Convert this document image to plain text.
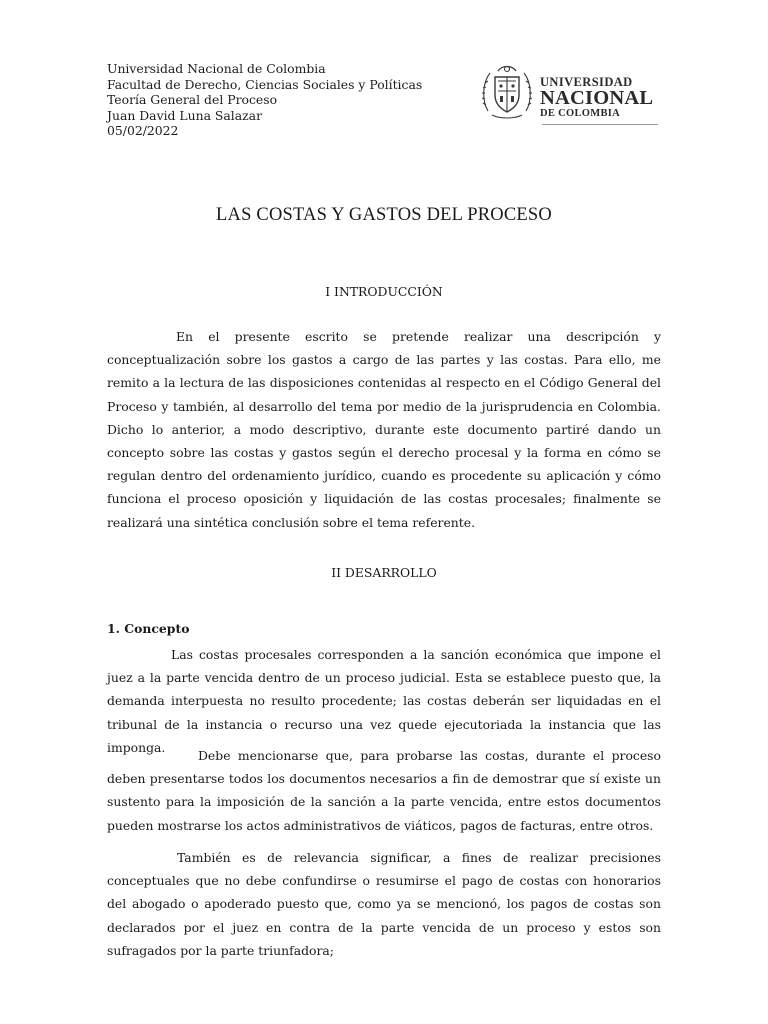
Universidad Nacional de Colombia
Facultad de Derecho, Ciencias Sociales y Políticas
Teoría General del Proceso
Juan David Luna Salazar
05/02/2022
UNIVERSIDAD
NACIONAL
DE COLOMBIA
LAS COSTAS Y GASTOS DEL PROCESO
I INTRODUCCIÓN
En el presente escrito se pretende realizar una descripción y conceptualización sobre los gastos a cargo de las partes y las costas. Para ello, me remito a la lectura de las disposiciones contenidas al respecto en el Código General del Proceso y también, al desarrollo del tema por medio de la jurisprudencia en Colombia. Dicho lo anterior, a modo descriptivo, durante este documento partiré dando un concepto sobre las costas y gastos según el derecho procesal y la forma en cómo se regulan dentro del ordenamiento jurídico, cuando es procedente su aplicación y cómo funciona el proceso oposición y liquidación de las costas procesales; finalmente se realizará una sintética conclusión sobre el tema referente.
II DESARROLLO
1. Concepto
Las costas procesales corresponden a la sanción económica que impone el juez a la parte vencida dentro de un proceso judicial. Esta se establece puesto que, la demanda interpuesta no resulto procedente; las costas deberán ser liquidadas en el tribunal de la instancia o recurso una vez quede ejecutoriada la instancia que las imponga.
Debe mencionarse que, para probarse las costas, durante el proceso deben presentarse todos los documentos necesarios a fin de demostrar que sí existe un sustento para la imposición de la sanción a la parte vencida, entre estos documentos pueden mostrarse los actos administrativos de viáticos, pagos de facturas, entre otros.
También es de relevancia significar, a fines de realizar precisiones conceptuales que no debe confundirse o resumirse el pago de costas con honorarios del abogado o apoderado puesto que, como ya se mencionó, los pagos de costas son declarados por el juez en contra de la parte vencida de un proceso y estos son sufragados por la parte triunfadora;
